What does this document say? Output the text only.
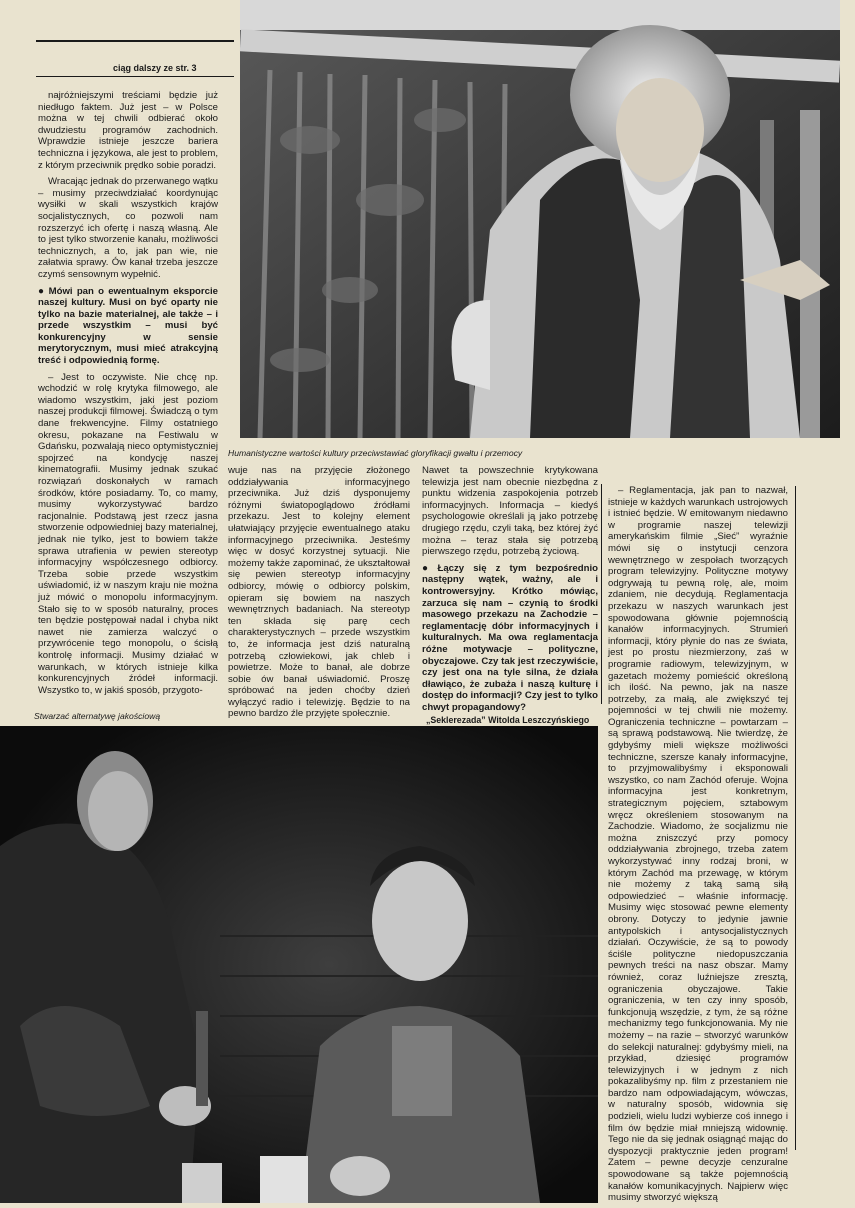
ciąg dalszy ze str. 3

najróżniejszymi treściami będzie już niedługo faktem. Już jest – w Polsce można w tej chwili odbierać około dwudziestu programów zachodnich. Wprawdzie istnieje jeszcze bariera techniczna i językowa, ale jest to problem, z którym przeciwnik prędko sobie poradzi.

Wracając jednak do przerwanego wątku – musimy przeciwdziałać koordynując wysiłki w skali wszystkich krajów socjalistycznych, co pozwoli nam rozszerzyć ich ofertę i naszą własną. Ale to jest tylko stworzenie kanału, możliwości technicznych, a to, jak pan wie, nie załatwia sprawy. Ów kanał trzeba jeszcze czymś sensownym wypełnić.

● Mówi pan o ewentualnym eksporcie naszej kultury. Musi on być oparty nie tylko na bazie materialnej, ale także – i przede wszystkim – musi być konkurencyjny w sensie merytorycznym, musi mieć atrakcyjną treść i odpowiednią formę.

– Jest to oczywiste. Nie chcę np. wchodzić w rolę krytyka filmowego, ale wiadomo wszystkim, jaki jest poziom naszej produkcji filmowej. Świadczą o tym dane frekwencyjne. Filmy ostatniego okresu, pokazane na Festiwalu w Gdańsku, pozwalają nieco optymistyczniej spojrzeć na kondycję naszej kinematografii. Musimy jednak szukać rozwiązań doskonałych w ramach środków, które posiadamy. To, co mamy, musimy wykorzystywać bardzo racjonalnie. Podstawą jest rzecz jasna stworzenie odpowiedniej bazy materialnej, jednak nie tylko, jest to bowiem także sprawa utrafienia w pewien stereotyp informacyjny współczesnego odbiorcy. Trzeba sobie przede wszystkim uświadomić, iż w naszym kraju nie można już mówić o monopolu informacyjnym. Stało się to w sposób naturalny, proces ten będzie postępował nadal i chyba nikt nawet nie zamierza walczyć o przywrócenie tego monopolu, o ścisłą kontrolę informacji. Musimy działać w warunkach, w których istnieje kilka konkurencyjnych źródeł informacji. Wszystko to, w jakiś sposób, przygoto-

Humanistyczne wartości kultury przeciwstawiać gloryfikacji gwałtu i przemocy

wuje nas na przyjęcie złożonego oddziaływania informacyjnego przeciwnika. Już dziś dysponujemy różnymi światopoglądowo źródłami przekazu. Jest to kolejny element ułatwiający przyjęcie ewentualnego ataku informacyjnego przeciwnika. Jesteśmy więc w dosyć korzystnej sytuacji. Nie możemy także zapominać, że ukształtował się pewien stereotyp informacyjny odbiorcy, mówię o odbiorcy polskim, opieram się bowiem na naszych wewnętrznych badaniach. Na stereotyp ten składa się parę cech charakterystycznych – przede wszystkim to, że informacja jest dziś naturalną potrzebą człowiekowi, jak chleb i powietrze. Może to banał, ale dobrze sobie ów banał uświadomić. Proszę spróbować na jeden choćby dzień wyłączyć radio i telewizję. Będzie to na pewno bardzo źle przyjęte społecznie.

Nawet ta powszechnie krytykowana telewizja jest nam obecnie niezbędna z punktu widzenia zaspokojenia potrzeb informacyjnych. Informacja – kiedyś psychologowie określali ją jako potrzebę drugiego rzędu, czyli taką, bez której żyć można – teraz stała się potrzebą pierwszego rzędu, potrzebą życiową.

● Łączy się z tym bezpośrednio następny wątek, ważny, ale i kontrowersyjny. Krótko mówiąc, zarzuca się nam – czynią to środki masowego przekazu na Zachodzie – reglamentację dóbr informacyjnych i kulturalnych. Ma owa reglamentacja różne motywacje – polityczne, obyczajowe. Czy tak jest rzeczywiście, czy jest ona na tyle silna, że działa dławiąco, że zubaża i naszą kulturę i dostęp do informacji? Czy jest to tylko chwyt propagandowy?

„Seklerezada” Witolda Leszczyńskiego
Stwarzać alternatywę jakościową

– Reglamentacja, jak pan to nazwał, istnieje w każdych warunkach ustrojowych i istnieć będzie. W emitowanym niedawno w programie naszej telewizji amerykańskim filmie „Sieć” wyraźnie mówi się o instytucji cenzora wewnętrznego w zespołach tworzących program telewizyjny. Polityczne motywy odgrywają tu pewną rolę, ale, moim zdaniem, nie decydują. Reglamentacja przekazu w naszych warunkach jest spowodowana głównie pojemnością kanałów informacyjnych. Strumień informacji, który płynie do nas ze świata, jest po prostu niezmierzony, zaś w programie radiowym, telewizyjnym, w gazetach możemy pomieścić określoną ich ilość. Na pewno, jak na nasze potrzeby, za małą, ale zwiększyć tej pojemności w tej chwili nie możemy. Ograniczenia techniczne – powtarzam – są sprawą podstawową. Nie twierdzę, że gdybyśmy mieli większe możliwości techniczne, szersze kanały informacyjne, to przyjmowalibyśmy i eksponowali wszystko, co nam Zachód oferuje. Wojna informacyjna jest konkretnym, strategicznym pojęciem, sztabowym wręcz określeniem stosowanym na Zachodzie. Wiadomo, że socjalizmu nie można zniszczyć przy pomocy oddziaływania zbrojnego, trzeba zatem wykorzystywać inny rodzaj broni, w którym Zachód ma przewagę, w którym nie możemy z taką samą siłą odpowiedzieć – właśnie informację. Musimy więc stosować pewne elementy obrony. Dotyczy to jedynie jawnie antypolskich i antysocjalistycznych działań. Oczywiście, że są to powody ściśle polityczne niedopuszczania pewnych treści na nasz obszar. Mamy również, coraz luźniejsze zresztą, ograniczenia obyczajowe. Takie ograniczenia, w ten czy inny sposób, funkcjonują wszędzie, z tym, że są różne mechanizmy tego funkcjonowania. My nie możemy – na razie – stworzyć warunków do selekcji naturalnej: gdybyśmy mieli, na przykład, dziesięć programów telewizyjnych i w jednym z nich pokazalibyśmy np. film z przestaniem nie bardzo nam odpowiadającym, wówczas, w naturalny sposób, widownia się podzieli, wielu ludzi wybierze coś innego i film ów będzie miał mniejszą widownię. Tego nie da się jednak osiągnąć mając do dyspozycji praktycznie jeden program! Zatem – pewne decyzje cenzuralne spowodowane są także pojemnością kanałów komunikacyjnych. Najpierw więc musimy stworzyć większą
